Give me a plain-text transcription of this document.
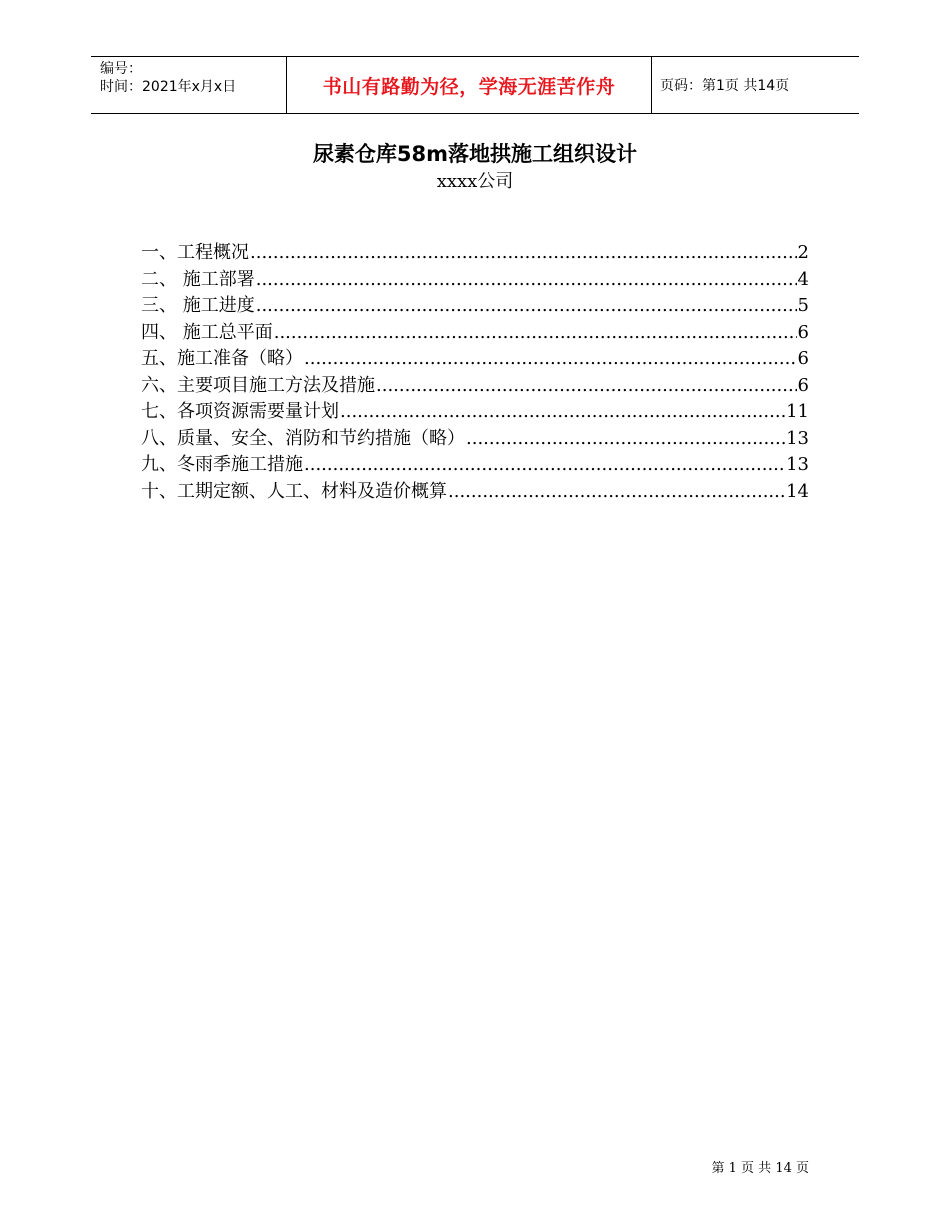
编号：
时间：2021年x月x日	书山有路勤为径，学海无涯苦作舟	页码：第1页 共14页
尿素仓库58m落地拱施工组织设计
xxxx公司
一、工程概况 .....	2
二、 施工部署 .....	4
三、 施工进度 .....	5
四、 施工总平面 .....	6
五、施工准备（略） .....	6
六、主要项目施工方法及措施 .....	6
七、各项资源需要量计划 .....	11
八、质量、安全、消防和节约措施（略） .....	13
九、冬雨季施工措施 .....	13
十、工期定额、人工、材料及造价概算 .....	14
第 1 页 共 14 页
